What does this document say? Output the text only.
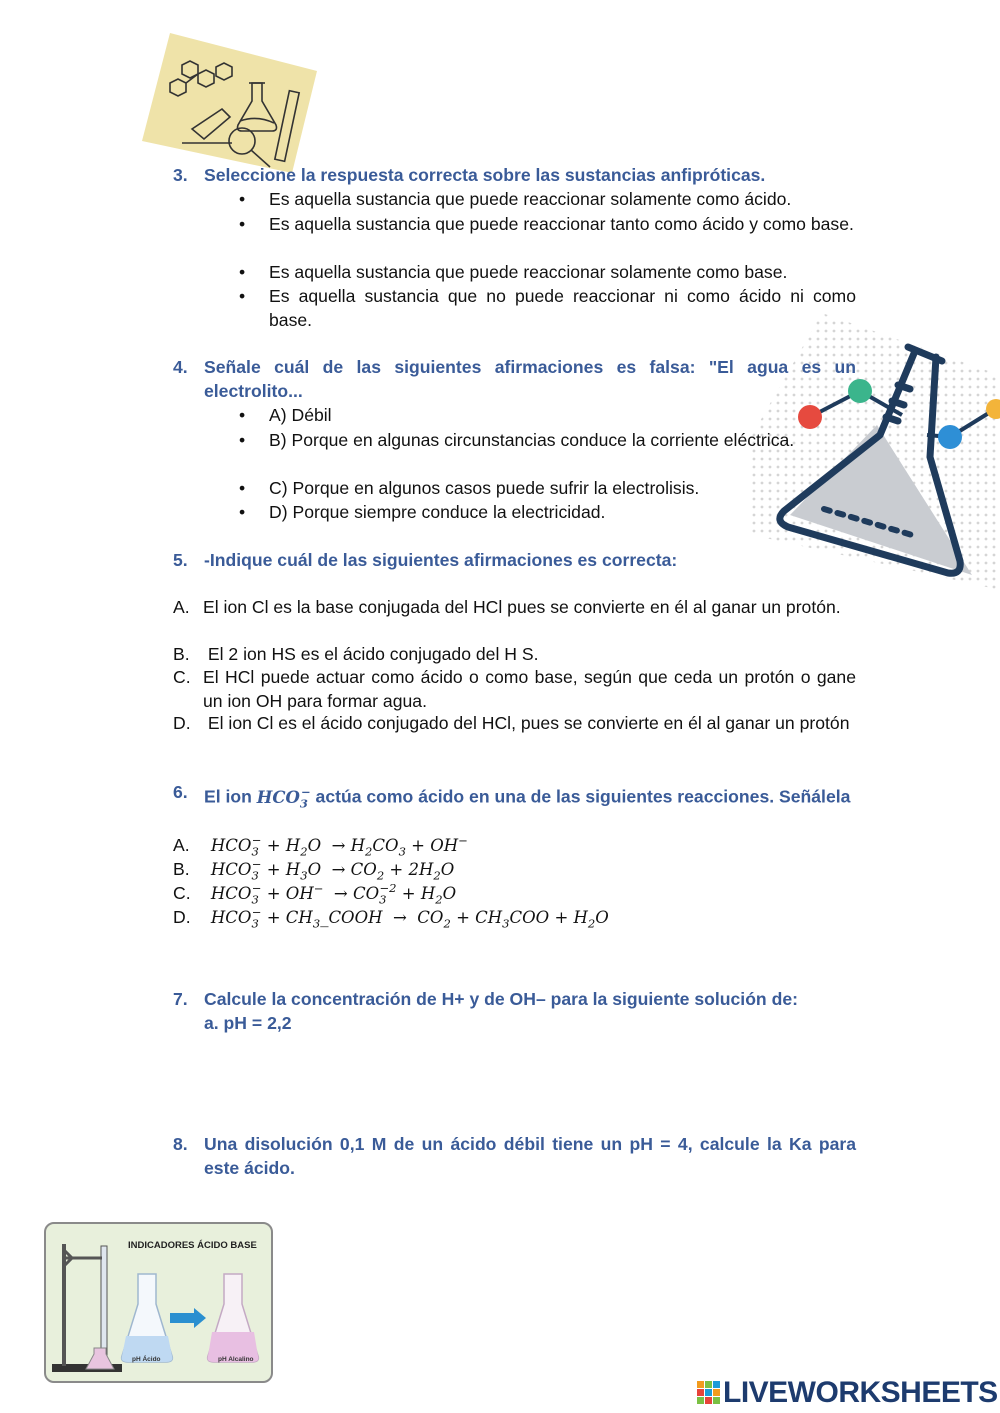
3. Seleccione la respuesta correcta sobre las sustancias anfipróticas.
• Es aquella sustancia que puede reaccionar solamente como ácido.
• Es aquella sustancia que puede reaccionar tanto como ácido y como base.
• Es aquella sustancia que puede reaccionar solamente como base.
• Es aquella sustancia que no puede reaccionar ni como ácido ni como base.
4. Señale cuál de las siguientes afirmaciones es falsa: "El agua es un electrolito...
• A) Débil
• B) Porque en algunas circunstancias conduce la corriente eléctrica.
• C) Porque en algunos casos puede sufrir la electrolisis.
• D) Porque siempre conduce la electricidad.
5. -Indique cuál de las siguientes afirmaciones es correcta:
A. El ion Cl es la base conjugada del HCl pues se convierte en él al ganar un protón.
B. El 2 ion HS es el ácido conjugado del H S.
C. El HCl puede actuar como ácido o como base, según que ceda un protón o gane un ion OH para formar agua.
D. El ion Cl es el ácido conjugado del HCl, pues se convierte en él al ganar un protón
6. El ion $HCO_3^-$ actúa como ácido en una de las siguientes reacciones. Señálela
A. $HCO_3^- + H_2O \to H_2CO_3 + OH^-$
B. $HCO_3^- + H_3O \to CO_2 + 2H_2O$
C. $HCO_3^- + OH^- \to CO_3^{-2} + H_2O$
D. $HCO_3^-$ + $CH_3\_COOH \to CO_2 + CH_3COO + H_2O$
7. Calcule la concentración de H+ y de OH– para la siguiente solución de:
a. pH = 2,2
8. Una disolución 0,1 M de un ácido débil tiene un pH = 4, calcule la Ka para este ácido.
INDICADORES ÁCIDO BASE
pH Ácido	pH Alcalino
LIVEWORKSHEETS
